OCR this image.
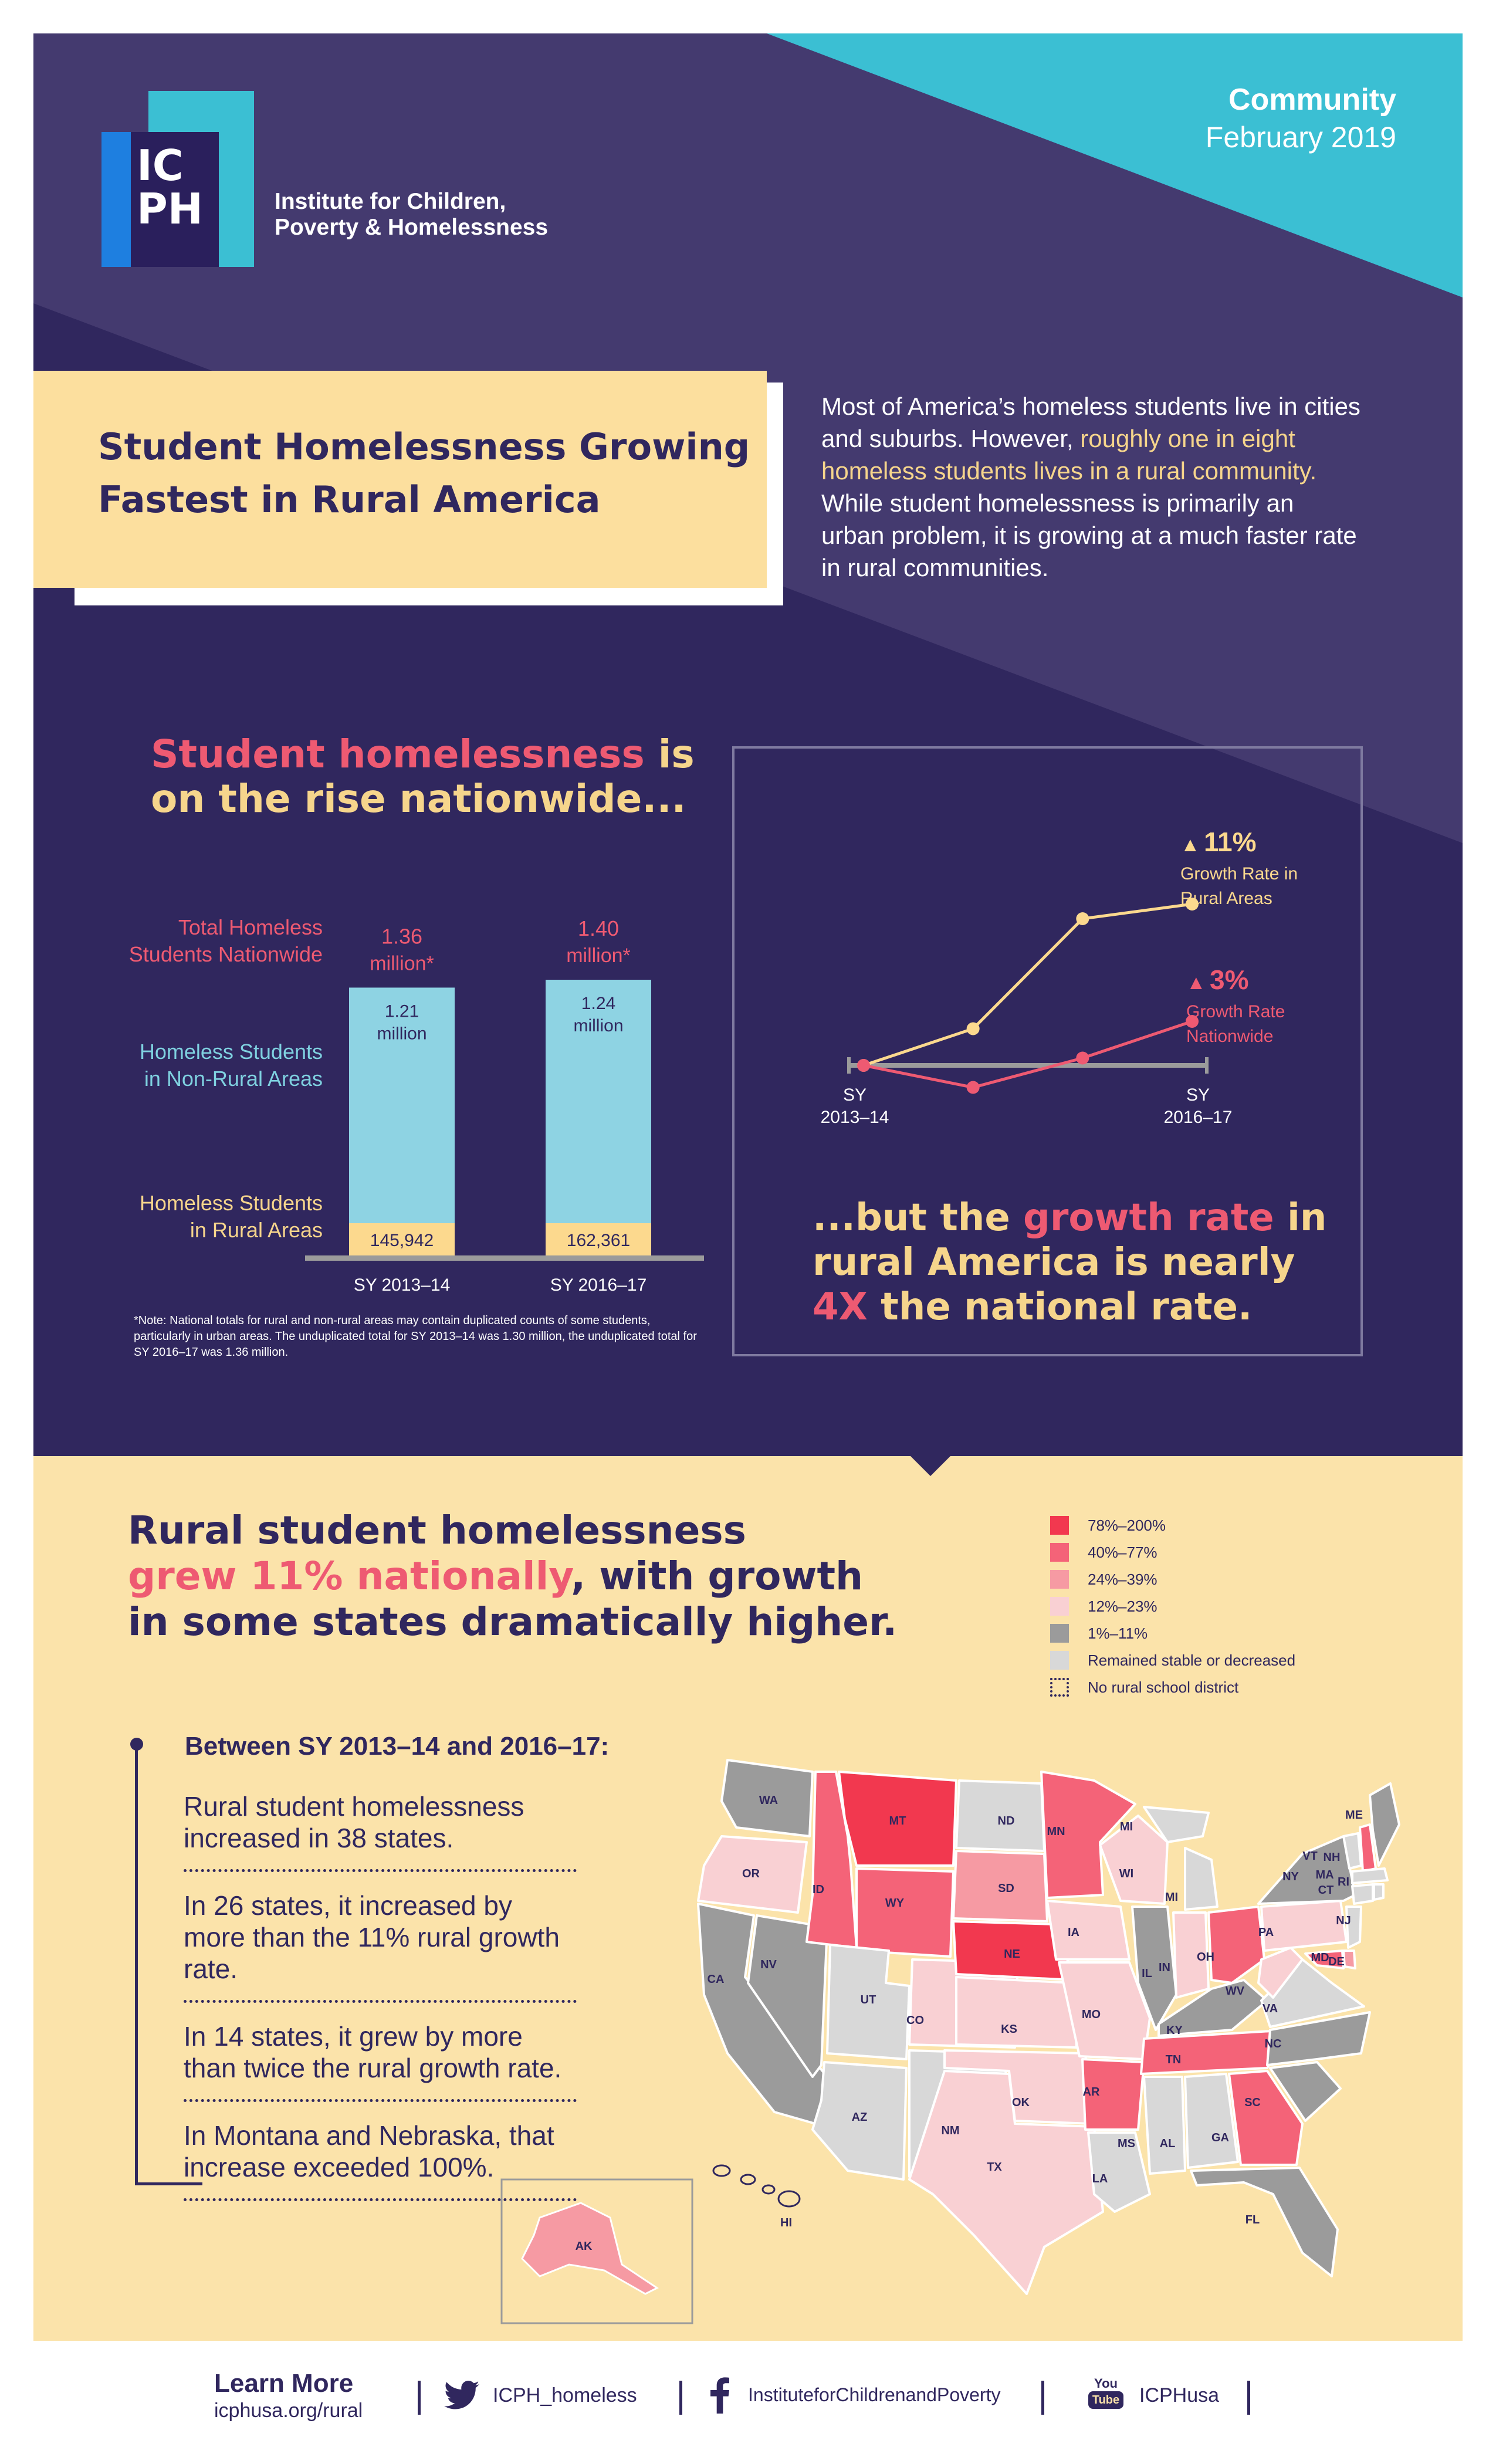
Community
February 2019
ICPH	Institute for Children,
Poverty & Homelessness
Student Homelessness Growing
Fastest in Rural America
Most of America’s homeless students live in cities and suburbs. However, roughly one in eight homeless students lives in a rural community. While student homelessness is primarily an urban problem, it is growing at a much faster rate in rural communities.
Student homelessness is
on the rise nationwide...
Total Homeless
Students Nationwide
Homeless Students
in Non-Rural Areas
Homeless Students
in Rural Areas
1.21
million
145,942
1.36
million*
SY 2013–14
1.24
million
162,361
1.40
million*
SY 2016–17
*Note: National totals for rural and non-rural areas may contain duplicated counts of some students, particularly in urban areas. The unduplicated total for SY 2013–14 was 1.30 million, the unduplicated total for SY 2016–17 was 1.36 million.
▲ 11%
Growth Rate in
Rural Areas
▲ 3%
Growth Rate
Nationwide
SY
2013–14
SY
2016–17
...but the growth rate in rural America is nearly 4X the national rate.
Rural student homelessness
grew 11% nationally, with growth
in some states dramatically higher.
78%–200%
40%–77%
24%–39%
12%–23%
1%–11%
Remained stable or decreased
No rural school district
Between SY 2013–14 and 2016–17:
Rural student homelessness increased in 38 states.
In 26 states, it increased by more than the 11% rural growth rate.
In 14 states, it grew by more than twice the rural growth rate.
In Montana and Nebraska, that increase exceeded 100%.
WA
OR
CA
NV
ID
MT
WY
UT
AZ
CO
NM
ND
SD
NE
KS
OK
TX
MN
IA
MO
AR
LA
WI
IL
MI
MI
IN
OH
KY
TN
MS AL	GA
FL
SC
NC
VA
WV
PA
NY
VT NH
ME
MA
CT
RI
NJ
MD
DE
AK
HI
Learn More
icphusa.org/rural
ICPH_homeless	InstituteforChildrenandPoverty
You
Tube ICPHusa
